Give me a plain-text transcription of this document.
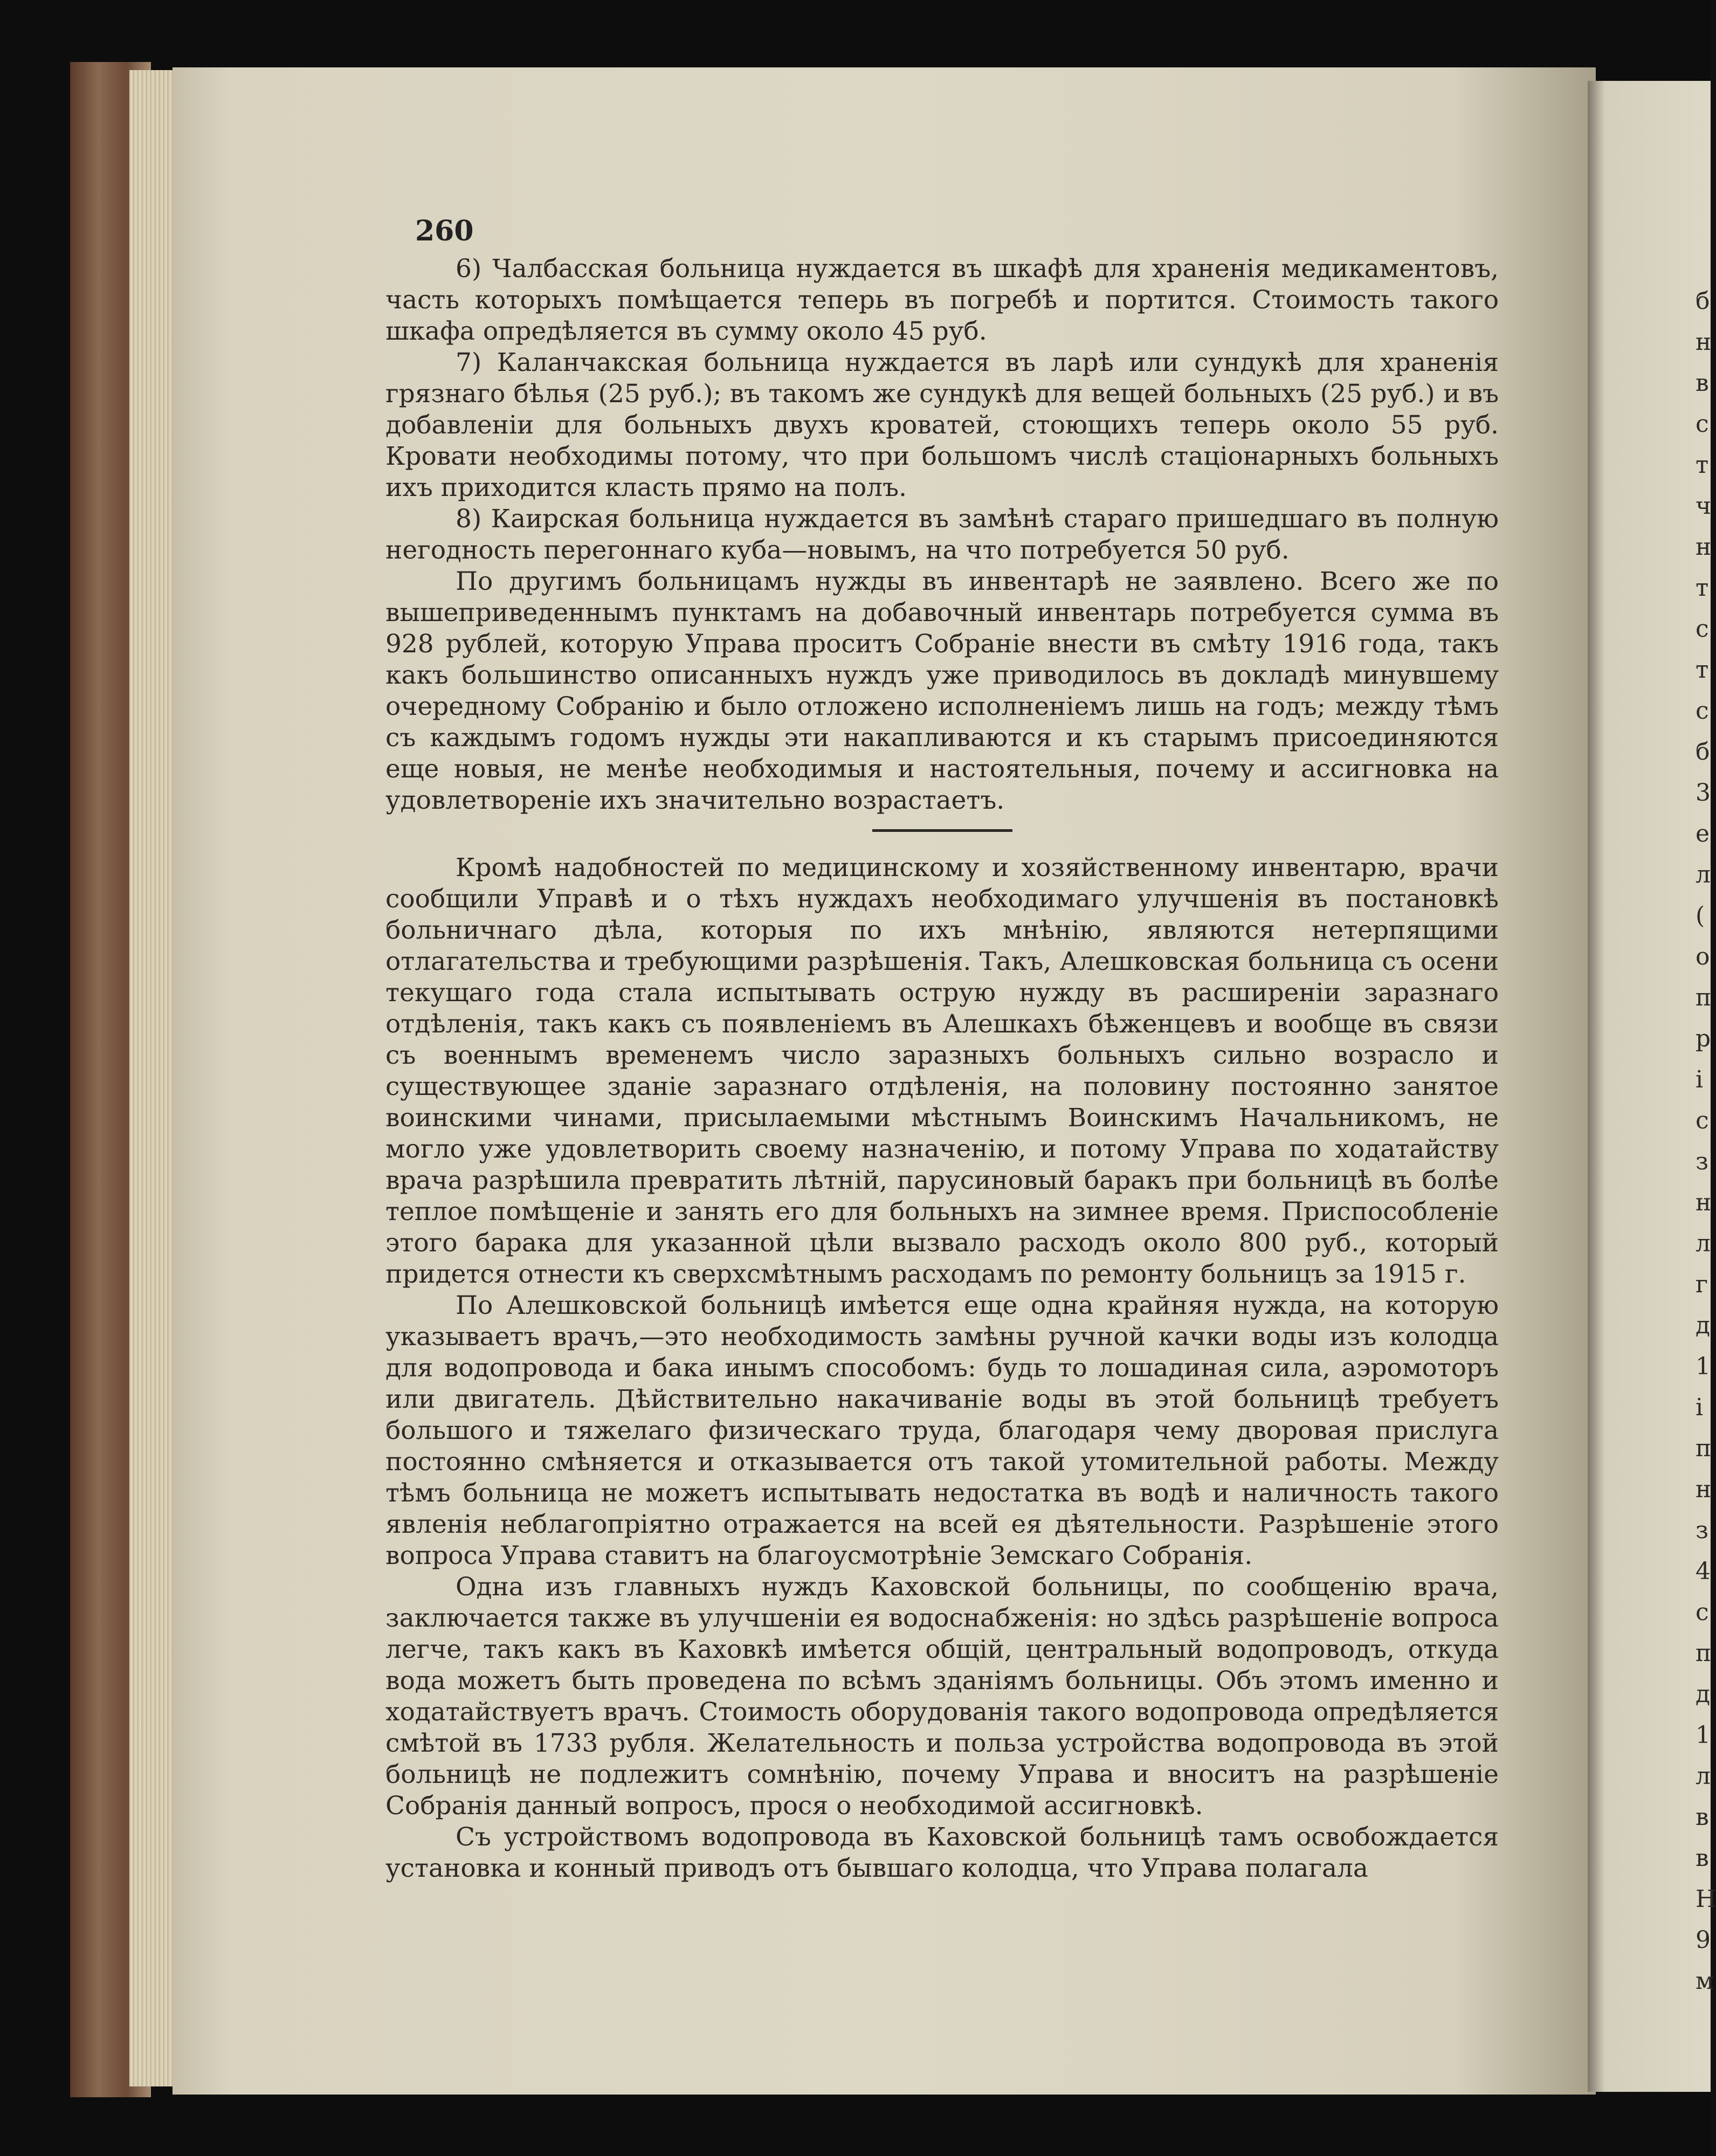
б
н
в
с
т
ч
н
т
с
т
с
б
3
е
л
(
о
п
р
і
с
з
н
л
г
д
1
і
п
н
з
4
с
п
д
1
л
в
в
Н
9
м
260

6) Чалбасская больница нуждается въ шкафѣ для храненія медикаментовъ, часть которыхъ помѣщается теперь въ погребѣ и портится. Стоимость такого шкафа опредѣляется въ сумму около 45 руб.

7) Каланчакская больница нуждается въ ларѣ или сундукѣ для храненія грязнаго бѣлья (25 руб.); въ такомъ же сундукѣ для вещей больныхъ (25 руб.) и въ добавленіи для больныхъ двухъ кроватей, стоющихъ теперь около 55 руб. Кровати необходимы потому, что при большомъ числѣ стаціонарныхъ больныхъ ихъ приходится класть прямо на полъ.

8) Каирская больница нуждается въ замѣнѣ стараго пришедшаго въ полную негодность перегоннаго куба—новымъ, на что потребуется 50 руб.

По другимъ больницамъ нужды въ инвентарѣ не заявлено. Всего же по вышеприведеннымъ пунктамъ на добавочный инвентарь потребуется сумма въ 928 рублей, которую Управа проситъ Собраніе внести въ смѣту 1916 года, такъ какъ большинство описанныхъ нуждъ уже приводилось въ докладѣ минувшему очередному Собранію и было отложено исполненіемъ лишь на годъ; между тѣмъ съ каждымъ годомъ нужды эти накапливаются и къ старымъ присоединяются еще новыя, не менѣе необходимыя и настоятельныя, почему и ассигновка на удовлетвореніе ихъ значительно возрастаетъ.

Кромѣ надобностей по медицинскому и хозяйственному инвентарю, врачи сообщили Управѣ и о тѣхъ нуждахъ необходимаго улучшенія въ постановкѣ больничнаго дѣла, которыя по ихъ мнѣнію, являются нетерпящими отлагательства и требующими разрѣшенія. Такъ, Алешковская больница съ осени текущаго года стала испытывать острую нужду въ расширеніи заразнаго отдѣленія, такъ какъ съ появленіемъ въ Алешкахъ бѣженцевъ и вообще въ связи съ военнымъ временемъ число заразныхъ больныхъ сильно возрасло и существующее зданіе заразнаго отдѣленія, на половину постоянно занятое воинскими чинами, присылаемыми мѣстнымъ Воинскимъ Начальникомъ, не могло уже удовлетворить своему назначенію, и потому Управа по ходатайству врача разрѣшила превратить лѣтній, парусиновый баракъ при больницѣ въ болѣе теплое помѣщеніе и занять его для больныхъ на зимнее время. Приспособленіе этого барака для указанной цѣли вызвало расходъ около 800 руб., который придется отнести къ сверхсмѣтнымъ расходамъ по ремонту больницъ за 1915 г.

По Алешковской больницѣ имѣется еще одна крайняя нужда, на которую указываетъ врачъ,—это необходимость замѣны ручной качки воды изъ колодца для водопровода и бака инымъ способомъ: будь то лошадиная сила, аэромоторъ или двигатель. Дѣйствительно накачиваніе воды въ этой больницѣ требуетъ большого и тяжелаго физическаго труда, благодаря чему дворовая прислуга постоянно смѣняется и отказывается отъ такой утомительной работы. Между тѣмъ больница не можетъ испытывать недостатка въ водѣ и наличность такого явленія неблагопріятно отражается на всей ея дѣятельности. Разрѣшеніе этого вопроса Управа ставитъ на благоусмотрѣніе Земскаго Собранія.

Одна изъ главныхъ нуждъ Каховской больницы, по сообщенію врача, заключается также въ улучшеніи ея водоснабженія: но здѣсь разрѣшеніе вопроса легче, такъ какъ въ Каховкѣ имѣется общій, центральный водопроводъ, откуда вода можетъ быть проведена по всѣмъ зданіямъ больницы. Объ этомъ именно и ходатайствуетъ врачъ. Стоимость оборудованія такого водопровода опредѣляется смѣтой въ 1733 рубля. Желательность и польза устройства водопровода въ этой больницѣ не подлежитъ сомнѣнію, почему Управа и вноситъ на разрѣшеніе Собранія данный вопросъ, прося о необходимой ассигновкѣ.

Съ устройствомъ водопровода въ Каховской больницѣ тамъ освобождается установка и конный приводъ отъ бывшаго колодца, что Управа полагала
